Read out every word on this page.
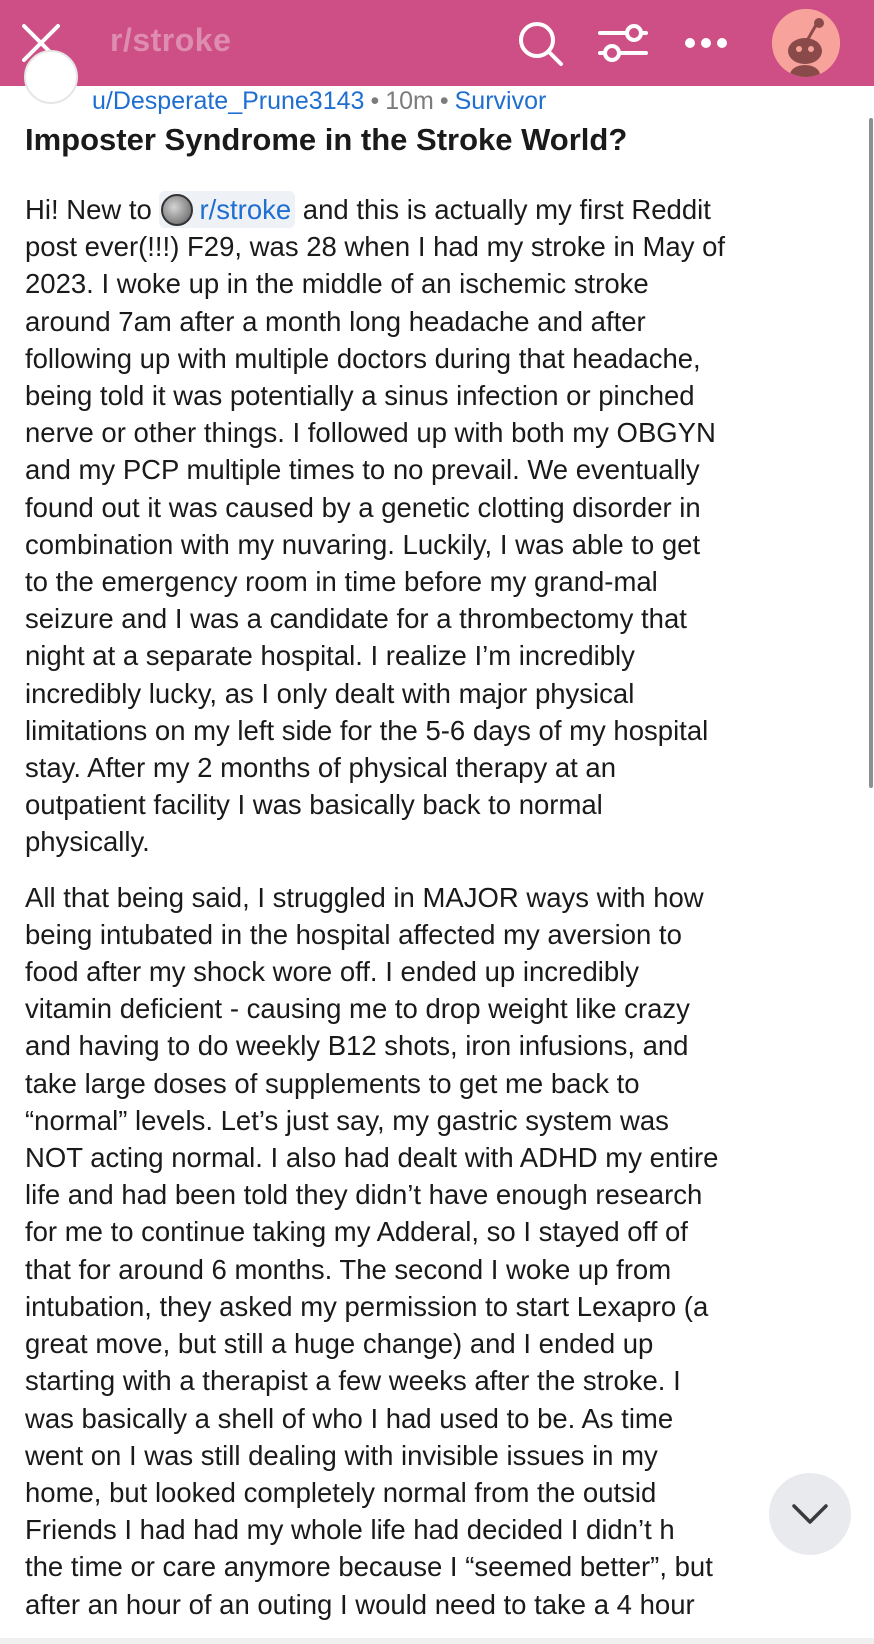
r/stroke
u/Desperate_Prune3143 • 10m • Survivor
Imposter Syndrome in the Stroke World?

Hi! New to r/stroke and this is actually my first Reddit
post ever(!!!) F29, was 28 when I had my stroke in May of
2023. I woke up in the middle of an ischemic stroke
around 7am after a month long headache and after
following up with multiple doctors during that headache,
being told it was potentially a sinus infection or pinched
nerve or other things. I followed up with both my OBGYN
and my PCP multiple times to no prevail. We eventually
found out it was caused by a genetic clotting disorder in
combination with my nuvaring. Luckily, I was able to get
to the emergency room in time before my grand-mal
seizure and I was a candidate for a thrombectomy that
night at a separate hospital. I realize I’m incredibly
incredibly lucky, as I only dealt with major physical
limitations on my left side for the 5-6 days of my hospital
stay. After my 2 months of physical therapy at an
outpatient facility I was basically back to normal
physically.

All that being said, I struggled in MAJOR ways with how
being intubated in the hospital affected my aversion to
food after my shock wore off. I ended up incredibly
vitamin deficient - causing me to drop weight like crazy
and having to do weekly B12 shots, iron infusions, and
take large doses of supplements to get me back to
“normal” levels. Let’s just say, my gastric system was
NOT acting normal. I also had dealt with ADHD my entire
life and had been told they didn’t have enough research
for me to continue taking my Adderal, so I stayed off of
that for around 6 months. The second I woke up from
intubation, they asked my permission to start Lexapro (a
great move, but still a huge change) and I ended up
starting with a therapist a few weeks after the stroke. I
was basically a shell of who I had used to be. As time
went on I was still dealing with invisible issues in my
home, but looked completely normal from the outsid
Friends I had had my whole life had decided I didn’t h
the time or care anymore because I “seemed better”, but
after an hour of an outing I would need to take a 4 hour
